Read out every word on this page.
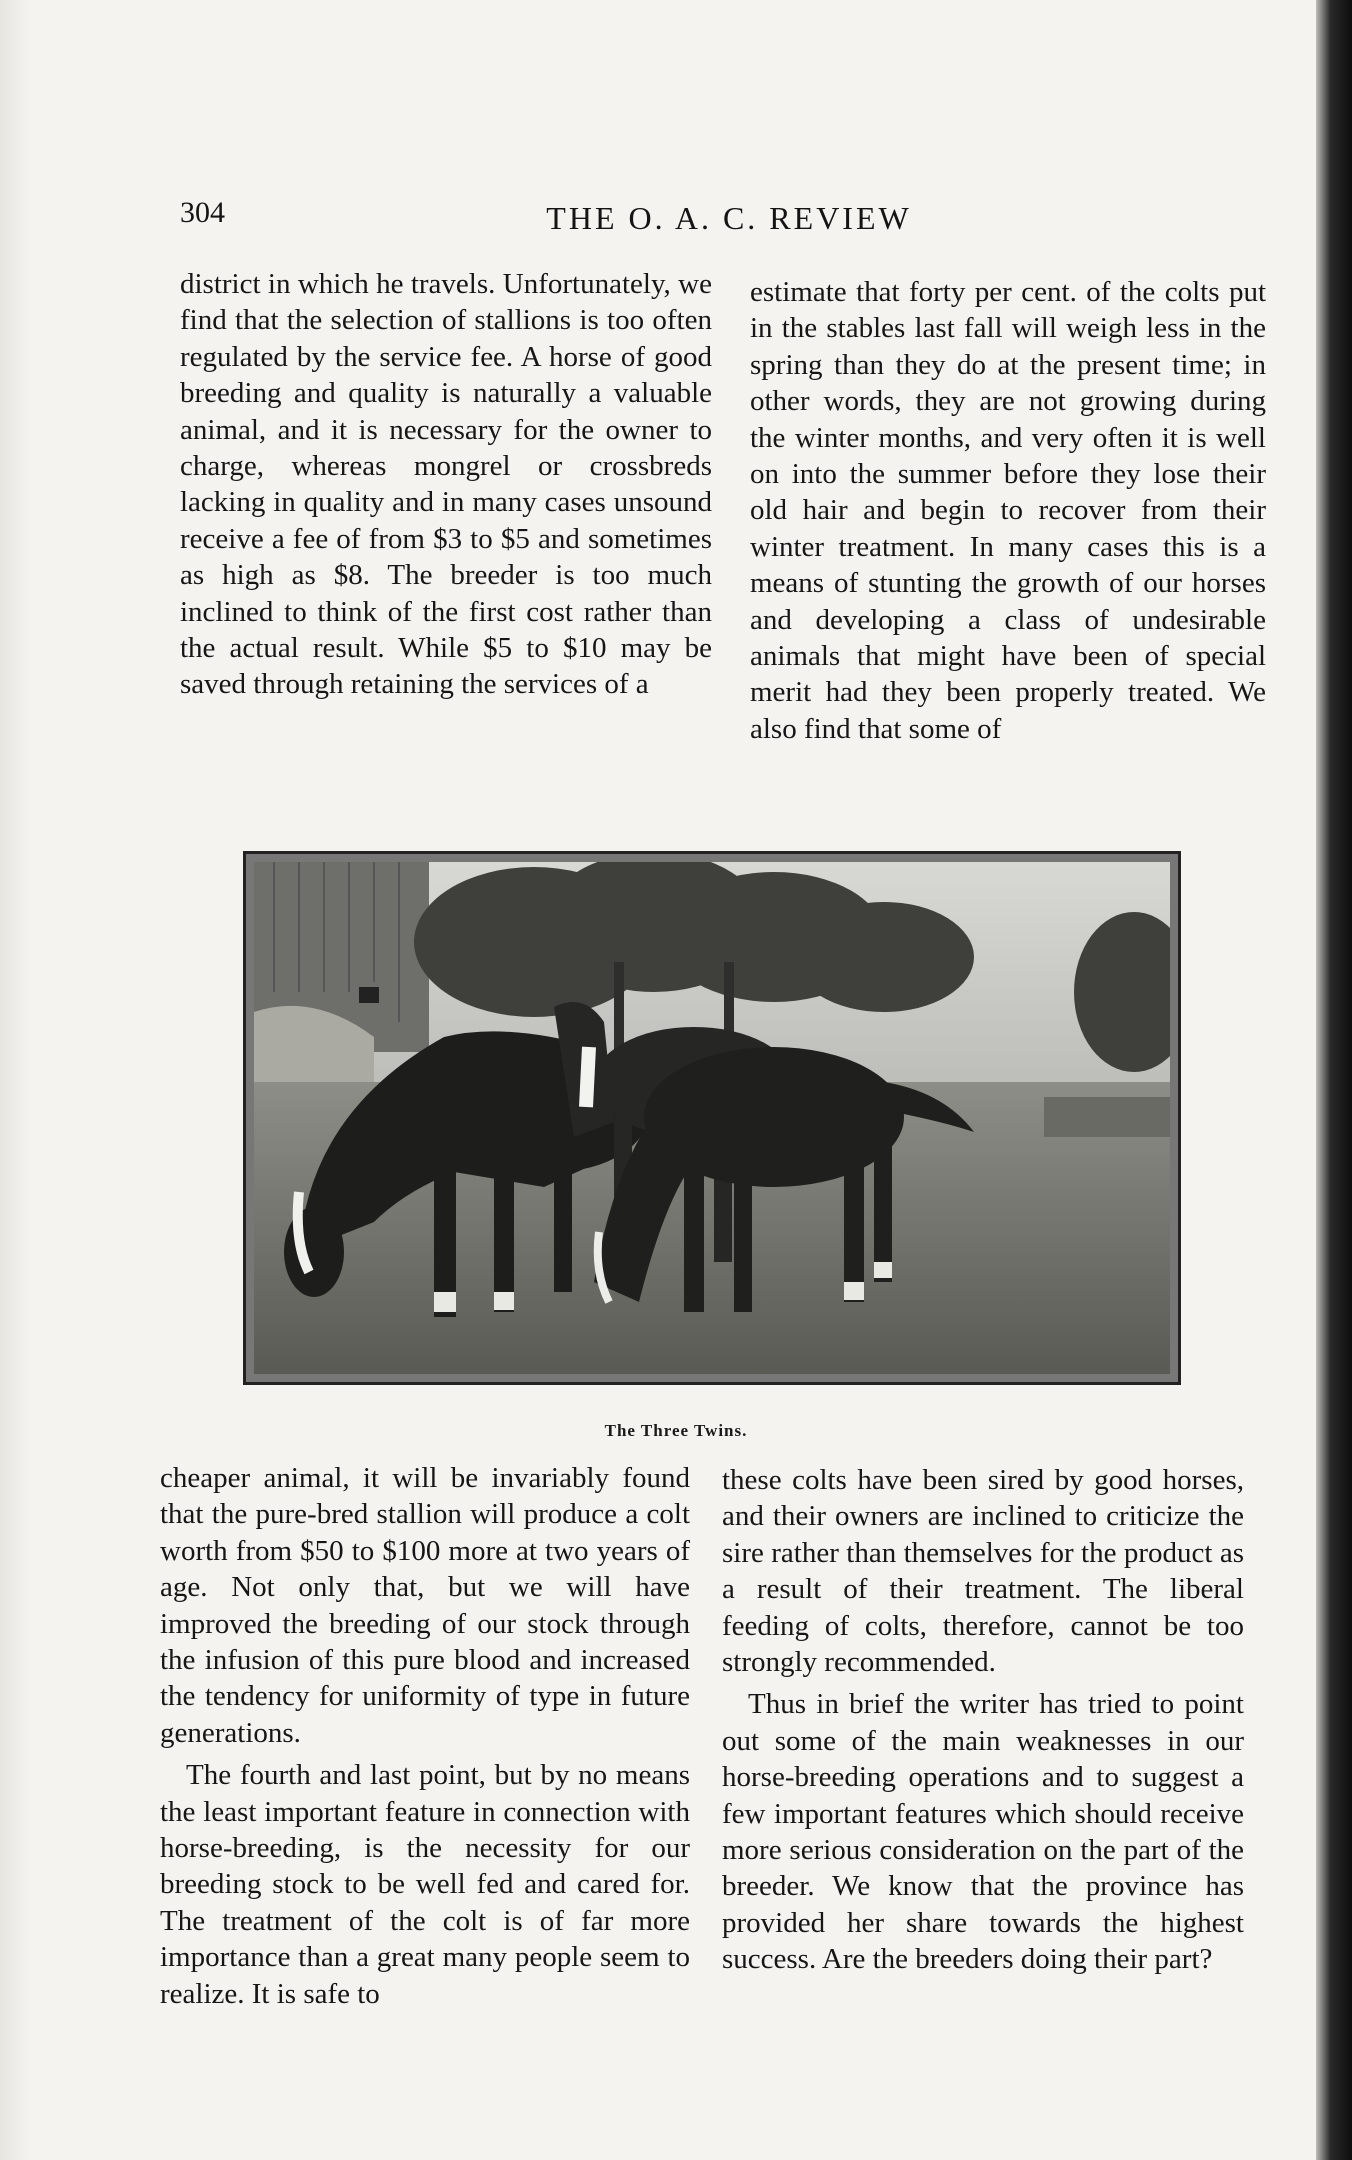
304	THE O. A. C. REVIEW

district in which he travels. Unfortunately, we find that the selection of stallions is too often regulated by the service fee. A horse of good breeding and quality is naturally a valuable animal, and it is necessary for the owner to charge, whereas mongrel or crossbreds lacking in quality and in many cases unsound receive a fee of from $3 to $5 and sometimes as high as $8. The breeder is too much inclined to think of the first cost rather than the actual result. While $5 to $10 may be saved through retaining the services of a

estimate that forty per cent. of the colts put in the stables last fall will weigh less in the spring than they do at the present time; in other words, they are not growing during the winter months, and very often it is well on into the summer before they lose their old hair and begin to recover from their winter treatment. In many cases this is a means of stunting the growth of our horses and developing a class of undesirable animals that might have been of special merit had they been properly treated. We also find that some of

The Three Twins.

cheaper animal, it will be invariably found that the pure-bred stallion will produce a colt worth from $50 to $100 more at two years of age. Not only that, but we will have improved the breeding of our stock through the infusion of this pure blood and increased the tendency for uniformity of type in future generations.

The fourth and last point, but by no means the least important feature in connection with horse-breeding, is the necessity for our breeding stock to be well fed and cared for. The treatment of the colt is of far more importance than a great many people seem to realize. It is safe to

these colts have been sired by good horses, and their owners are inclined to criticize the sire rather than themselves for the product as a result of their treatment. The liberal feeding of colts, therefore, cannot be too strongly recommended.

Thus in brief the writer has tried to point out some of the main weaknesses in our horse-breeding operations and to suggest a few important features which should receive more serious consideration on the part of the breeder. We know that the province has provided her share towards the highest success. Are the breeders doing their part?
